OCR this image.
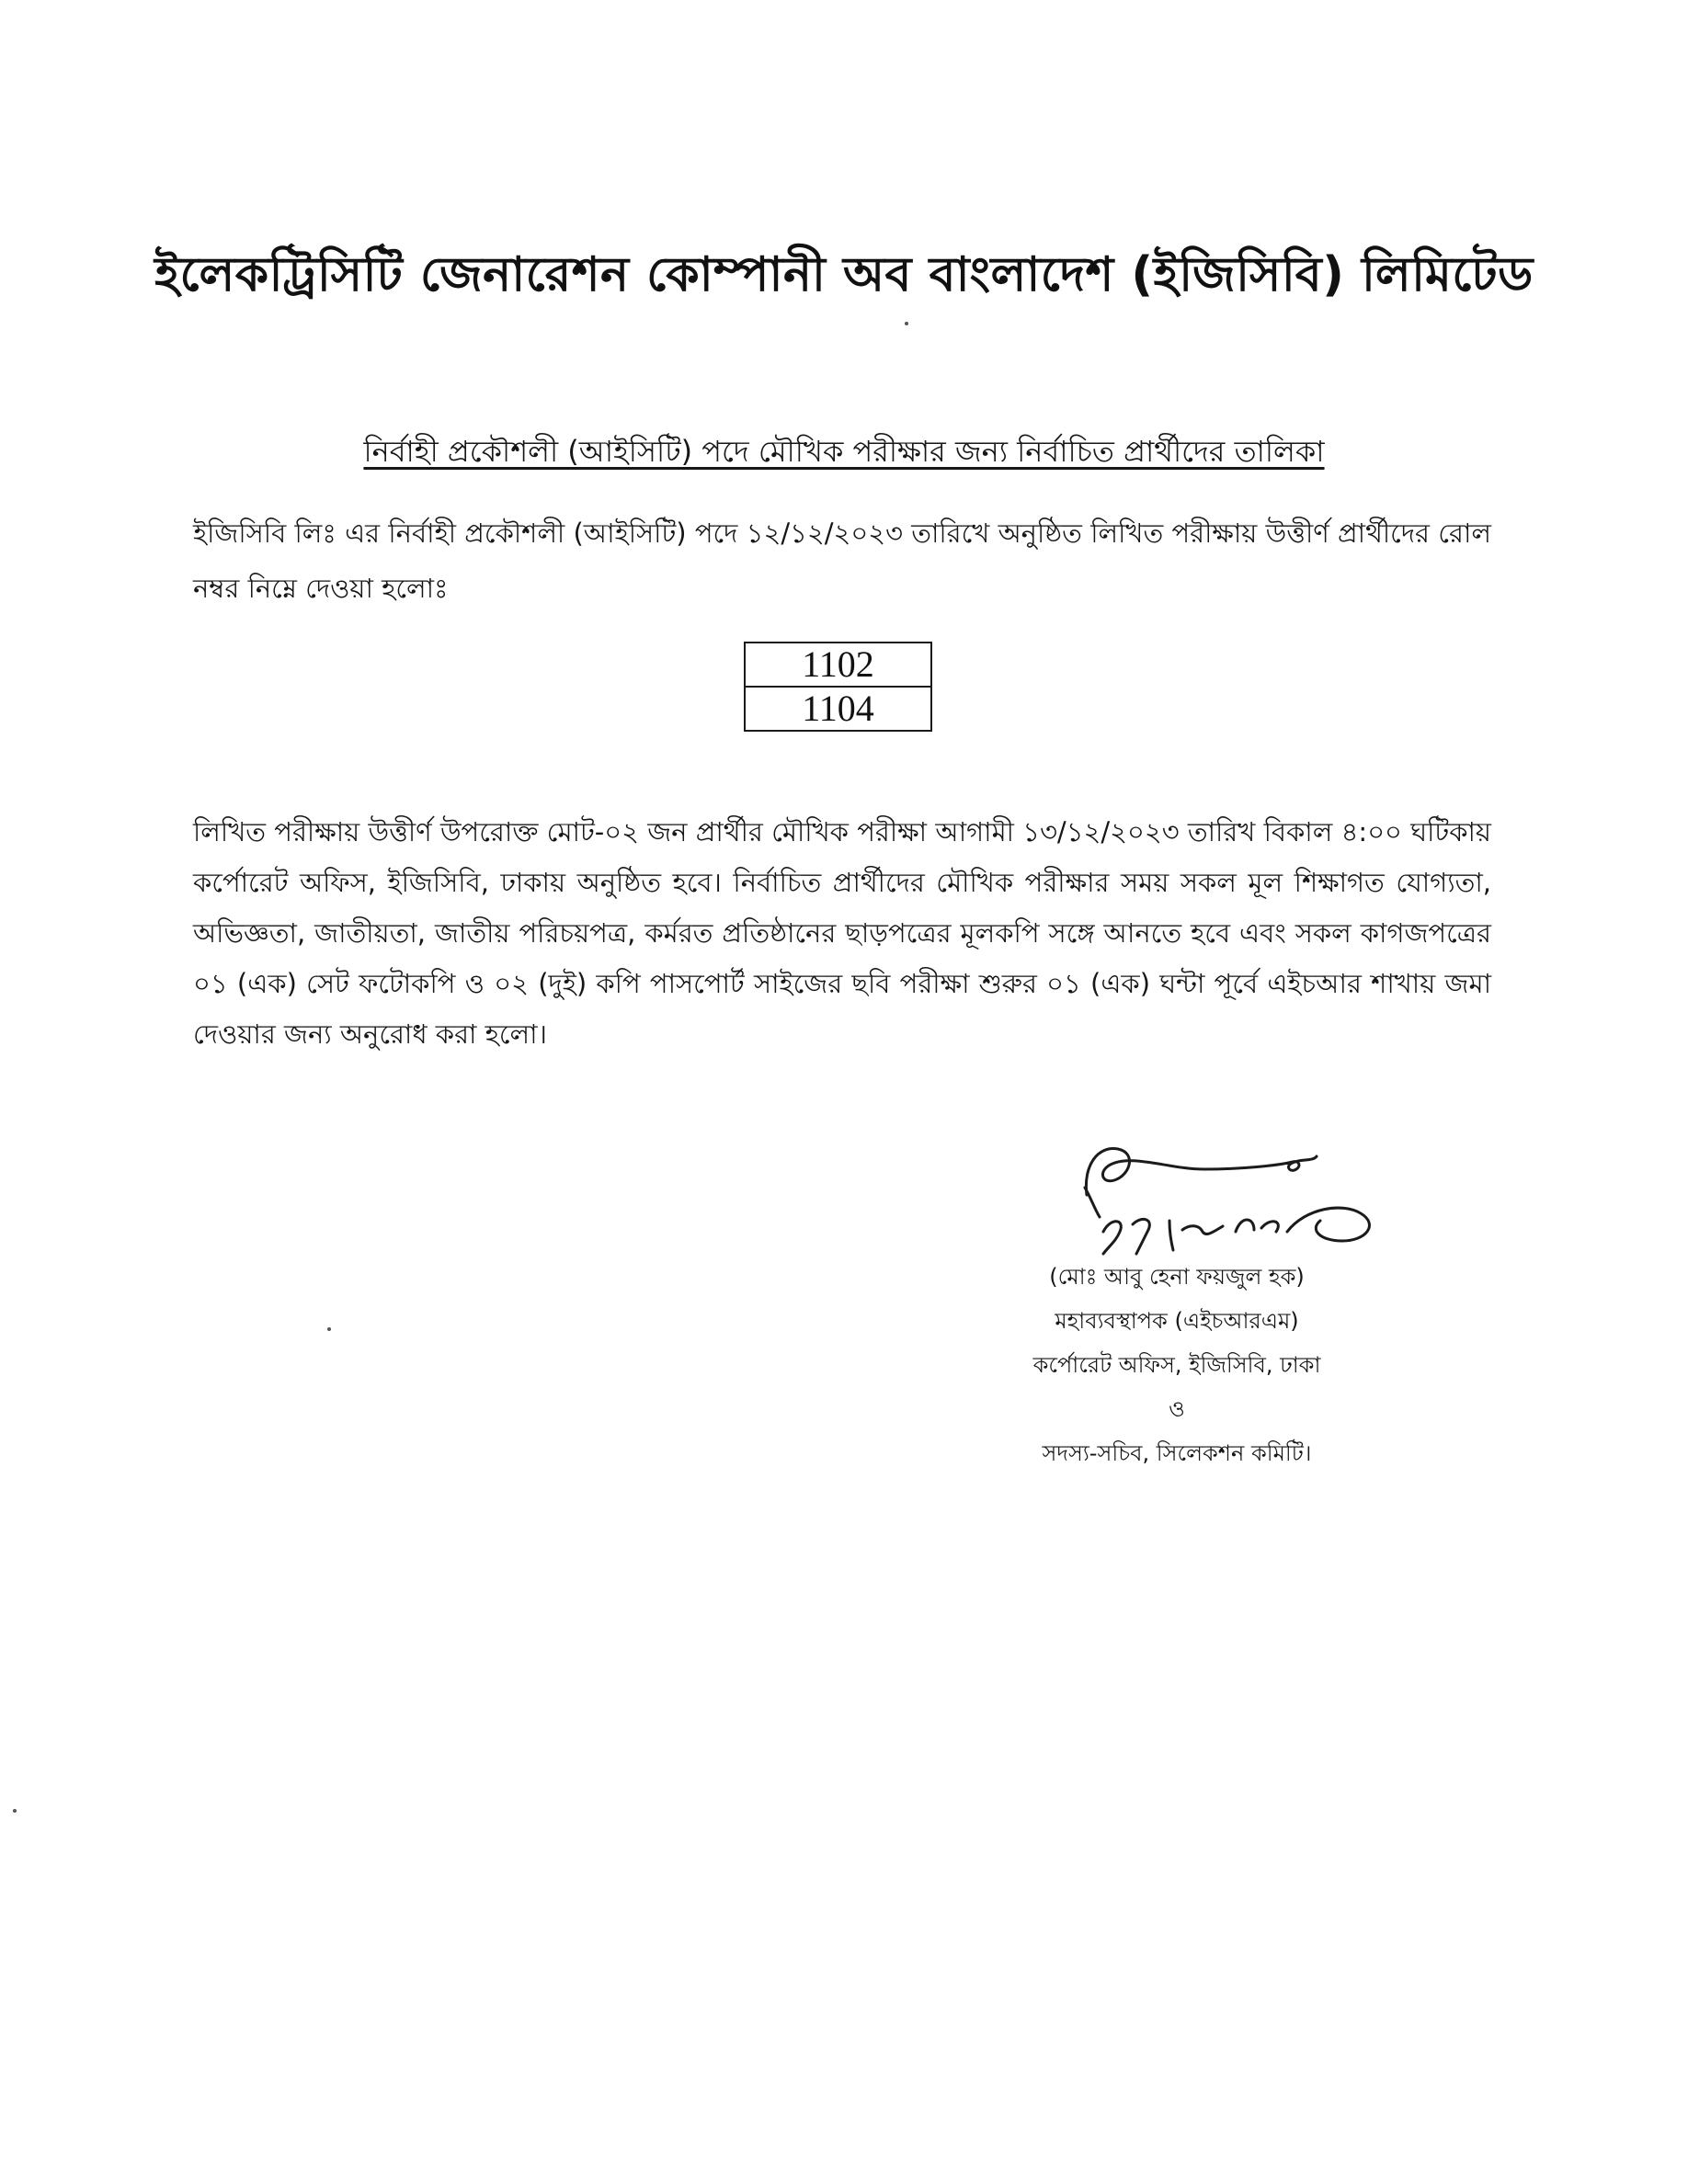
ইলেকট্রিসিটি জেনারেশন কোম্পানী অব বাংলাদেশ (ইজিসিবি) লিমিটেড
নির্বাহী প্রকৌশলী (আইসিটি) পদে মৌখিক পরীক্ষার জন্য নির্বাচিত প্রার্থীদের তালিকা
ইজিসিবি লিঃ এর নির্বাহী প্রকৌশলী (আইসিটি) পদে ১২/১২/২০২৩ তারিখে অনুষ্ঠিত লিখিত পরীক্ষায় উত্তীর্ণ প্রার্থীদের রোল নম্বর নিম্নে দেওয়া হলোঃ
1102
1104
লিখিত পরীক্ষায় উত্তীর্ণ উপরোক্ত মোট-০২ জন প্রার্থীর মৌখিক পরীক্ষা আগামী ১৩/১২/২০২৩ তারিখ বিকাল ৪:০০ ঘটিকায় কর্পোরেট অফিস, ইজিসিবি, ঢাকায় অনুষ্ঠিত হবে। নির্বাচিত প্রার্থীদের মৌখিক পরীক্ষার সময় সকল মূল শিক্ষাগত যোগ্যতা, অভিজ্ঞতা, জাতীয়তা, জাতীয় পরিচয়পত্র, কর্মরত প্রতিষ্ঠানের ছাড়পত্রের মূলকপি সঙ্গে আনতে হবে এবং সকল কাগজপত্রের ০১ (এক) সেট ফটোকপি ও ০২ (দুই) কপি পাসপোর্ট সাইজের ছবি পরীক্ষা শুরুর ০১ (এক) ঘন্টা পূর্বে এইচআর শাখায় জমা দেওয়ার জন্য অনুরোধ করা হলো।
(মোঃ আবু হেনা ফয়জুল হক)
মহাব্যবস্থাপক (এইচআরএম)
কর্পোরেট অফিস, ইজিসিবি, ঢাকা
ও
সদস্য-সচিব, সিলেকশন কমিটি।
